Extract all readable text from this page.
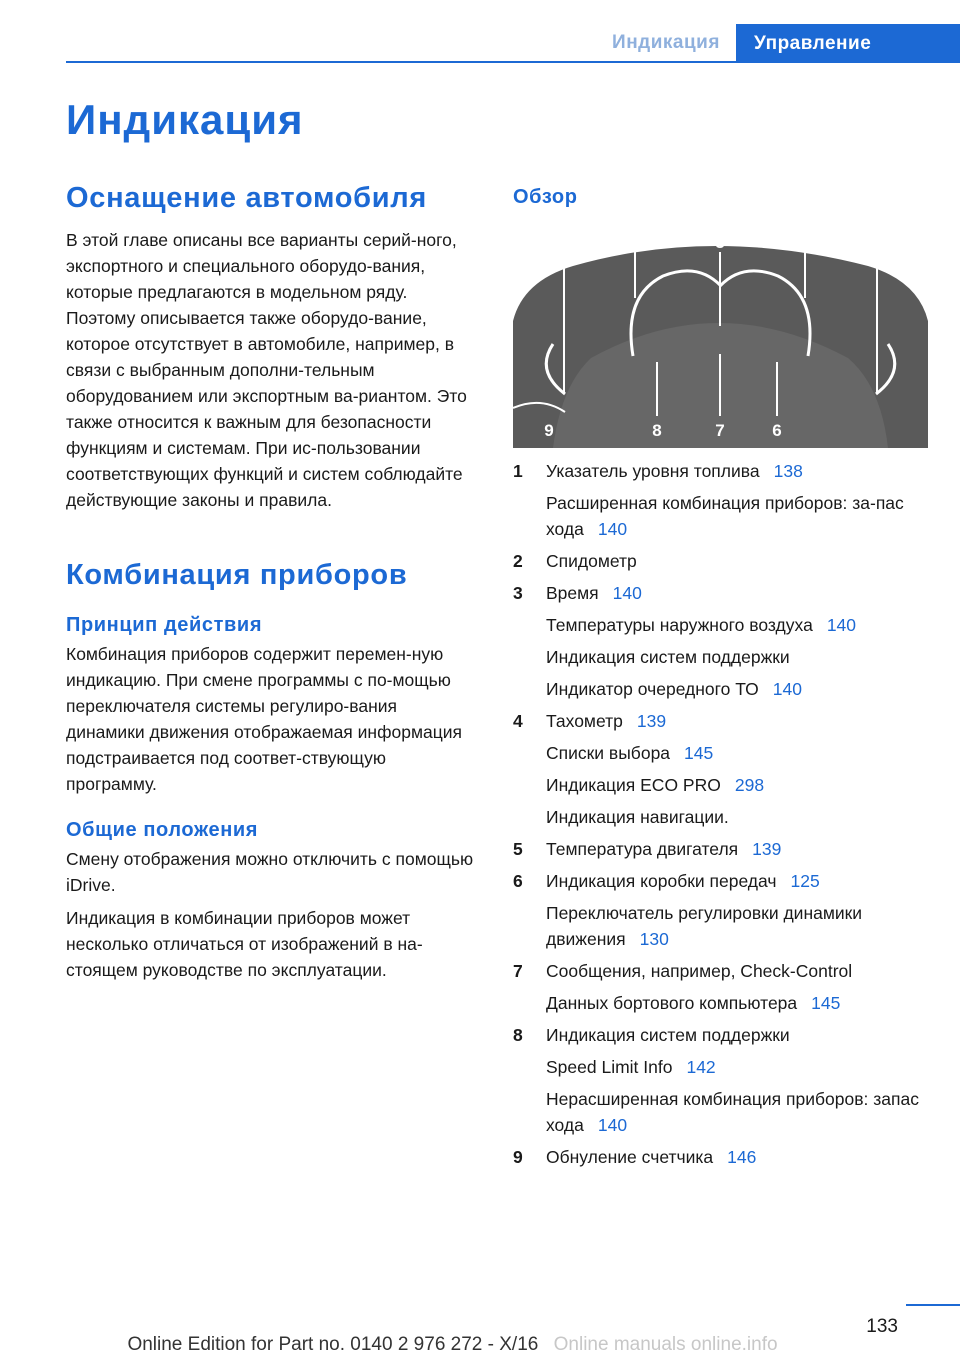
Индикация	Управление
Индикация
Оснащение автомобиля

В этой главе описаны все варианты серий-ного, экспортного и специального оборудо-вания, которые предлагаются в модельном ряду. Поэтому описывается также оборудо-вание, которое отсутствует в автомобиле, например, в связи с выбранным дополни-тельным оборудованием или экспортным ва-риантом. Это также относится к важным для безопасности функциям и системам. При ис-пользовании соответствующих функций и систем соблюдайте действующие законы и правила.

Комбинация приборов
Принцип действия

Комбинация приборов содержит перемен-ную индикацию. При смене программы с по-мощью переключателя системы регулиро-вания динамики движения отображаемая информация подстраивается под соответ-ствующую программу.

Общие положения

Смену отображения можно отключить с помощью iDrive.

Индикация в комбинации приборов может несколько отличаться от изображений в на-стоящем руководстве по эксплуатации.

Обзор
1	2	3	4	5
9	8	7	6
1	Указатель уровня топлива 138
Расширенная комбинация приборов: за-пас хода 140
2	Спидометр
3	Время 140
Температуры наружного воздуха 140
Индикация систем поддержки
Индикатор очередного ТО 140
4	Тахометр 139
Списки выбора 145
Индикация ECO PRO 298
Индикация навигации.
5	Температура двигателя 139
6	Индикация коробки передач 125
Переключатель регулировки динамики движения 130
7	Сообщения, например, Check-Control
Данных бортового компьютера 145
8	Индикация систем поддержки
Speed Limit Info 142
Нерасширенная комбинация приборов: запас хода 140
9	Обнуление счетчика 146
133
Online Edition for Part no. 0140 2 976 272 - X/16 Online manuals online.info
